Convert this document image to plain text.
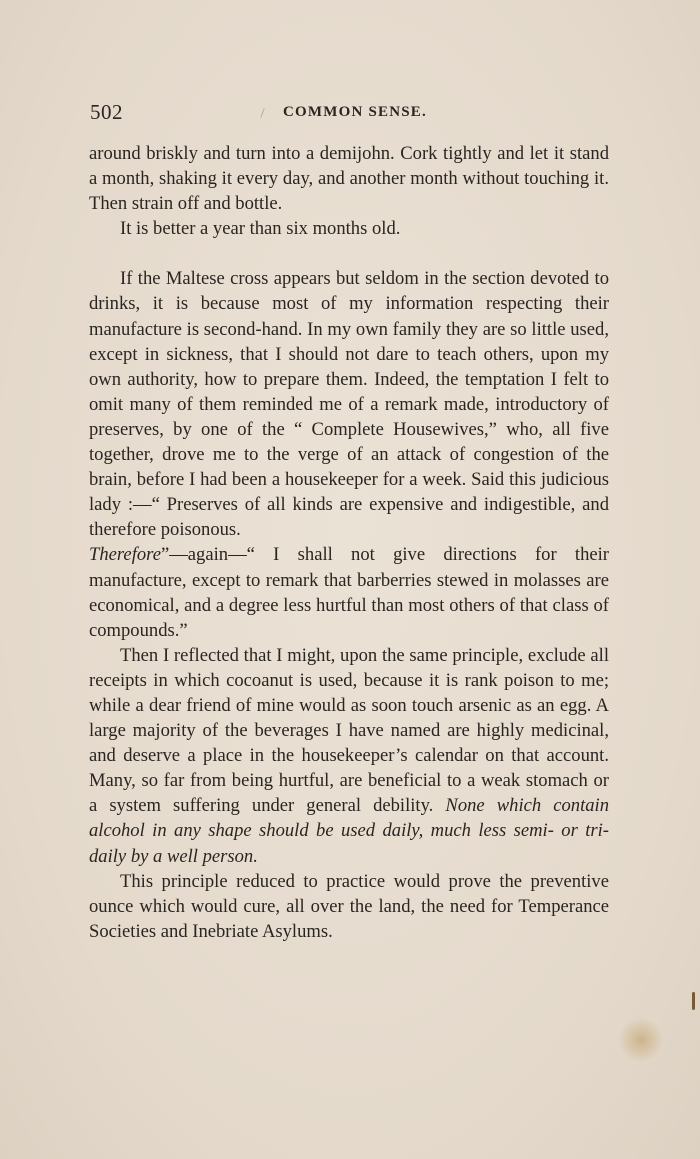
502	COMMON SENSE.

around briskly and turn into a demijohn. Cork tightly and let it stand a month, shaking it every day, and another month without touching it. Then strain off and bottle.

It is better a year than six months old.

If the Maltese cross appears but seldom in the section devoted to drinks, it is because most of my information respecting their manufacture is second-hand. In my own family they are so little used, except in sickness, that I should not dare to teach others, upon my own authority, how to prepare them. Indeed, the temptation I felt to omit many of them reminded me of a remark made, introductory of preserves, by one of the “ Complete Housewives,” who, all five together, drove me to the verge of an attack of congestion of the brain, before I had been a housekeeper for a week. Said this judicious lady :—“ Preserves of all kinds are expensive and indigestible, and therefore poisonous.

Therefore”—again—“ I shall not give directions for their manufacture, except to remark that barberries stewed in molasses are economical, and a degree less hurtful than most others of that class of compounds.”

Then I reflected that I might, upon the same principle, exclude all receipts in which cocoanut is used, because it is rank poison to me; while a dear friend of mine would as soon touch arsenic as an egg. A large majority of the beverages I have named are highly medicinal, and deserve a place in the housekeeper’s calendar on that account. Many, so far from being hurtful, are beneficial to a weak stomach or a system suffering under general debility. None which contain alcohol in any shape should be used daily, much less semi- or tri-daily by a well person.

This principle reduced to practice would prove the preventive ounce which would cure, all over the land, the need for Temperance Societies and Inebriate Asylums.
